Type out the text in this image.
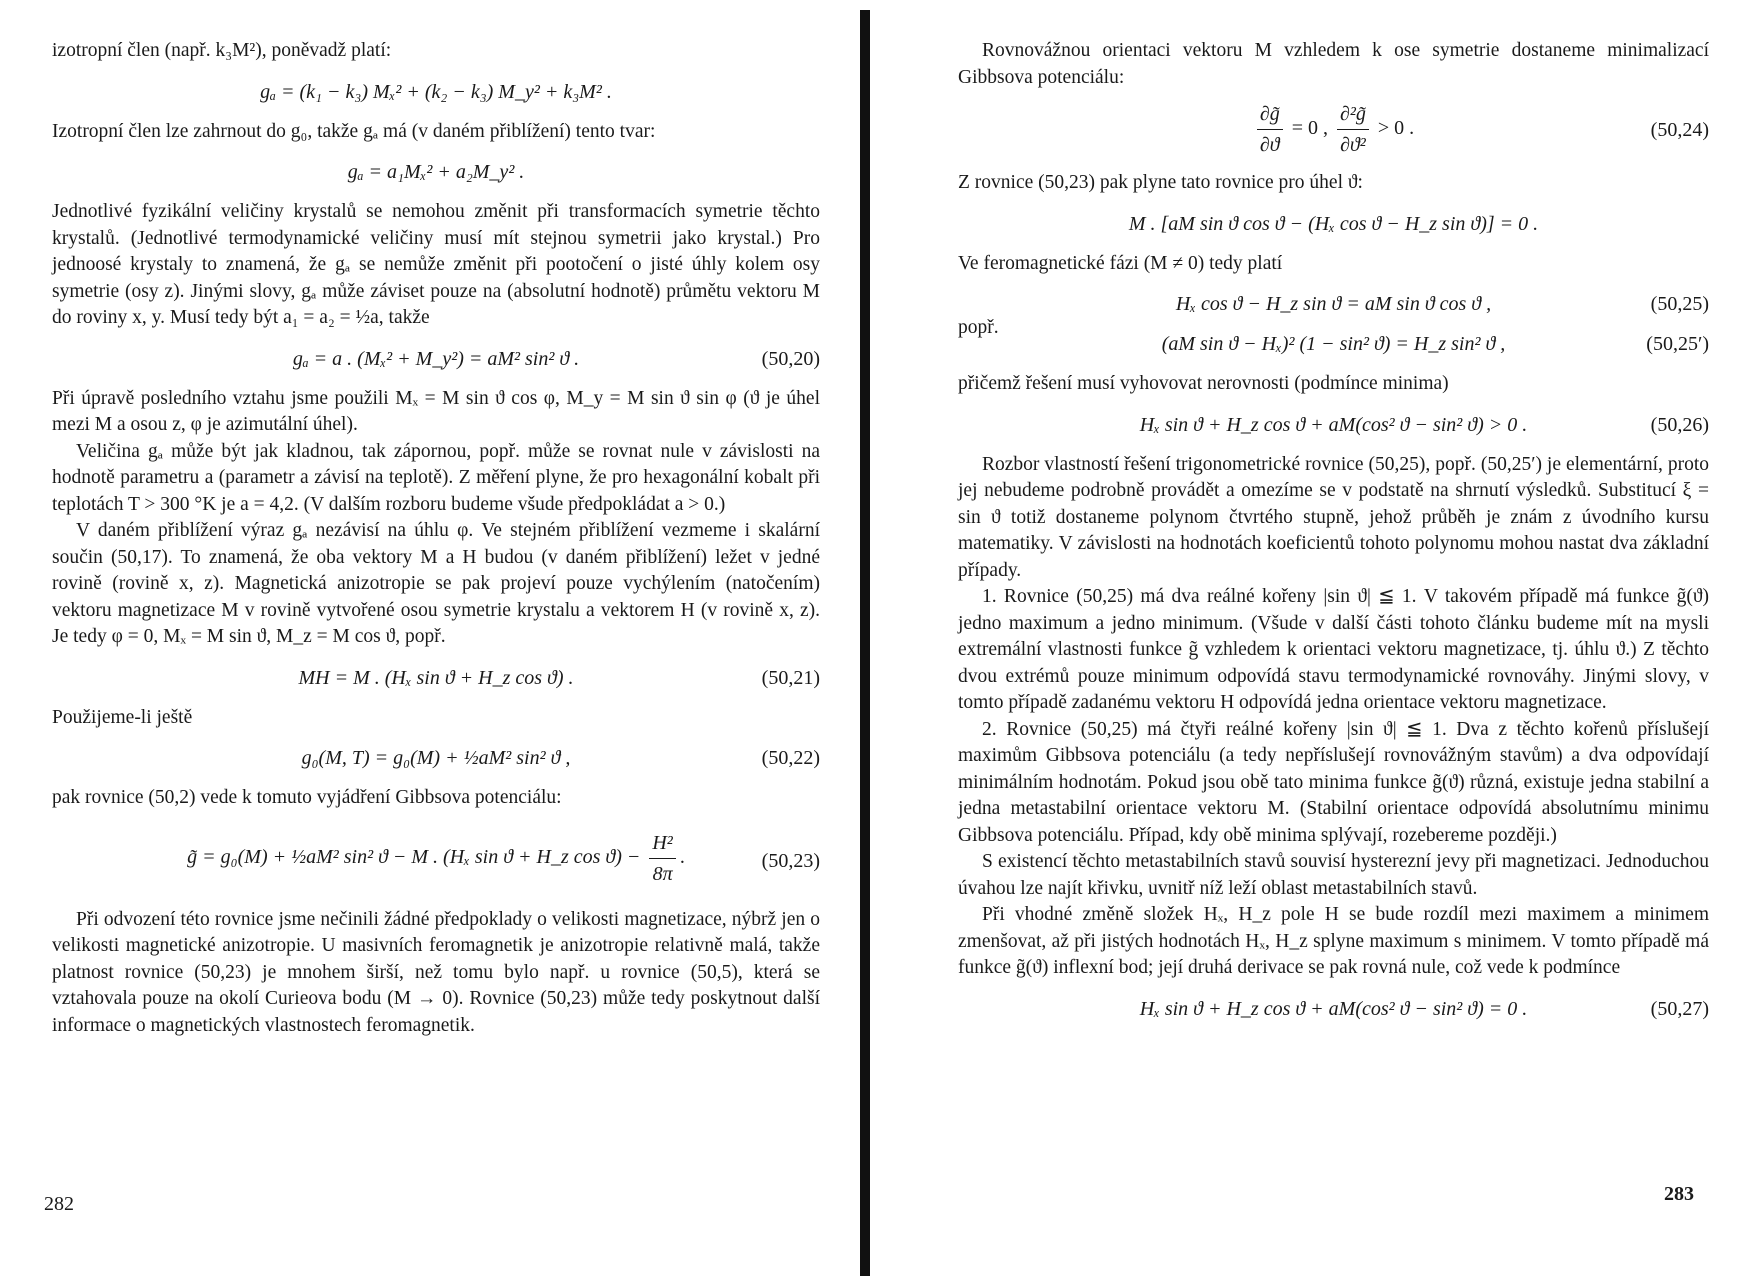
izotropní člen (např. k₃M²), poněvadž platí:

gₐ = (k₁ − k₃) Mₓ² + (k₂ − k₃) M_y² + k₃M² .

Izotropní člen lze zahrnout do g₀, takže gₐ má (v daném přiblížení) tento tvar:

gₐ = a₁Mₓ² + a₂M_y² .

Jednotlivé fyzikální veličiny krystalů se nemohou změnit při transformacích symetrie těchto krystalů. (Jednotlivé termodynamické veličiny musí mít stejnou symetrii jako krystal.) Pro jednoosé krystaly to znamená, že gₐ se nemůže změnit při pootočení o jisté úhly kolem osy symetrie (osy z). Jinými slovy, gₐ může záviset pouze na (absolutní hodnotě) průmětu vektoru M do roviny x, y. Musí tedy být a₁ = a₂ = ½a, takže

gₐ = a . (Mₓ² + M_y²) = aM² sin² ϑ .	(50,20)

Při úpravě posledního vztahu jsme použili Mₓ = M sin ϑ cos φ, M_y = M sin ϑ sin φ (ϑ je úhel mezi M a osou z, φ je azimutální úhel).

Veličina gₐ může být jak kladnou, tak zápornou, popř. může se rovnat nule v závislosti na hodnotě parametru a (parametr a závisí na teplotě). Z měření plyne, že pro hexagonální kobalt při teplotách T > 300 °K je a = 4,2. (V dalším rozboru budeme všude předpokládat a > 0.)

V daném přiblížení výraz gₐ nezávisí na úhlu φ. Ve stejném přiblížení vezmeme i skalární součin (50,17). To znamená, že oba vektory M a H budou (v daném přiblížení) ležet v jedné rovině (rovině x, z). Magnetická anizotropie se pak projeví pouze vychýlením (natočením) vektoru magnetizace M v rovině vytvořené osou symetrie krystalu a vektorem H (v rovině x, z). Je tedy φ = 0, Mₓ = M sin ϑ, M_z = M cos ϑ, popř.

MH = M . (Hₓ sin ϑ + H_z cos ϑ) .	(50,21)

Použijeme-li ještě

g₀(M, T) = g₀(M) + ½aM² sin² ϑ ,	(50,22)

pak rovnice (50,2) vede k tomuto vyjádření Gibbsova potenciálu:

g̃ = g₀(M) + ½aM² sin² ϑ − M . (Hₓ sin ϑ + H_z $\cos ϑ) - \frac{\text{H²}}{8\pi}$ .	(50,23)

Při odvození této rovnice jsme nečinili žádné předpoklady o velikosti magnetizace, nýbrž jen o velikosti magnetické anizotropie. U masivních feromagnetik je anizotropie relativně malá, takže platnost rovnice (50,23) je mnohem širší, než tomu bylo např. u rovnice (50,5), která se vztahovala pouze na okolí Curieova bodu (M → 0). Rovnice (50,23) může tedy poskytnout další informace o magnetických vlastnostech feromagnetik.

282

Rovnovážnou orientaci vektoru M vzhledem k ose symetrie dostaneme minimalizací Gibbsova potenciálu:

$\frac{\partial g̃}{\partial ϑ} = 0$ , $\frac{\text{∂²g̃}}{\text{∂ϑ²}} > 0$ .	(50,24)

Z rovnice (50,23) pak plyne tato rovnice pro úhel ϑ:

M . [aM sin ϑ cos ϑ − (Hₓ cos ϑ − H_z sin ϑ)] = 0 .

Ve feromagnetické fázi (M ≠ 0) tedy platí

Hₓ cos ϑ − H_z sin ϑ = aM sin ϑ cos ϑ ,	(50,25)
popř.
(aM sin ϑ − Hₓ)² (1 − sin² ϑ) = H_z sin² ϑ ,	(50,25′)

přičemž řešení musí vyhovovat nerovnosti (podmínce minima)

Hₓ sin ϑ + H_z cos ϑ + aM(cos² ϑ − sin² ϑ) > 0 .	(50,26)

Rozbor vlastností řešení trigonometrické rovnice (50,25), popř. (50,25′) je elementární, proto jej nebudeme podrobně provádět a omezíme se v podstatě na shrnutí výsledků. Substitucí ξ = sin ϑ totiž dostaneme polynom čtvrtého stupně, jehož průběh je znám z úvodního kursu matematiky. V závislosti na hodnotách koeficientů tohoto polynomu mohou nastat dva základní případy.

1. Rovnice (50,25) má dva reálné kořeny |sin ϑ| ≦ 1. V takovém případě má funkce g̃(ϑ) jedno maximum a jedno minimum. (Všude v další části tohoto článku budeme mít na mysli extremální vlastnosti funkce g̃ vzhledem k orientaci vektoru magnetizace, tj. úhlu ϑ.) Z těchto dvou extrémů pouze minimum odpovídá stavu termodynamické rovnováhy. Jinými slovy, v tomto případě zadanému vektoru H odpovídá jedna orientace vektoru magnetizace.

2. Rovnice (50,25) má čtyři reálné kořeny |sin ϑ| ≦ 1. Dva z těchto kořenů příslušejí maximům Gibbsova potenciálu (a tedy nepříslušejí rovnovážným stavům) a dva odpovídají minimálním hodnotám. Pokud jsou obě tato minima funkce g̃(ϑ) různá, existuje jedna stabilní a jedna metastabilní orientace vektoru M. (Stabilní orientace odpovídá absolutnímu minimu Gibbsova potenciálu. Případ, kdy obě minima splývají, rozebereme později.)

S existencí těchto metastabilních stavů souvisí hysterezní jevy při magnetizaci. Jednoduchou úvahou lze najít křivku, uvnitř níž leží oblast metastabilních stavů.

Při vhodné změně složek Hₓ, H_z pole H se bude rozdíl mezi maximem a minimem zmenšovat, až při jistých hodnotách Hₓ, H_z splyne maximum s minimem. V tomto případě má funkce g̃(ϑ) inflexní bod; její druhá derivace se pak rovná nule, což vede k podmínce

Hₓ sin ϑ + H_z cos ϑ + aM(cos² ϑ − sin² ϑ) = 0 .	(50,27)
283
